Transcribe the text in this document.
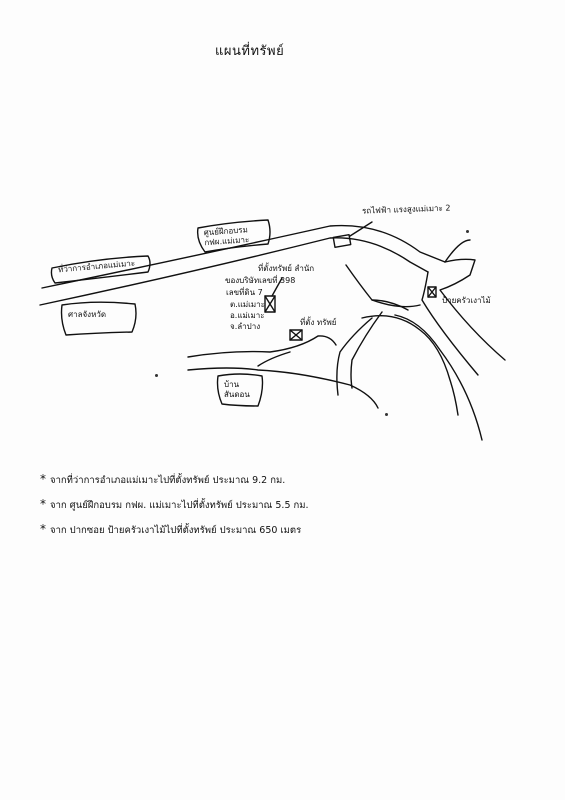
แผนที่ทรัพย์
ที่ว่าการอำเภอแม่เมาะ
ศูนย์ฝึกอบรม กฟผ.แม่เมาะ
รถไฟฟ้า แรงสูงแม่เมาะ 2
ศาลจังหวัด
ที่ตั้งทรัพย์ สำนัก
ของบริษัทเลขที่ 398
เลขที่ดิน 7
ต.แม่เมาะ
อ.แม่เมาะ
จ.ลำปาง	ที่ตั้ง ทรัพย์
บ้าน สันดอน
ป้ายครัวเงาไม้
* จากที่ว่าการอำเภอแม่เมาะไปที่ตั้งทรัพย์ ประมาณ 9.2 กม.
* จาก ศูนย์ฝึกอบรม กฟผ. แม่เมาะไปที่ตั้งทรัพย์ ประมาณ 5.5 กม.
* จาก ปากซอย ป้ายครัวเงาไม้ไปที่ตั้งทรัพย์ ประมาณ 650 เมตร
